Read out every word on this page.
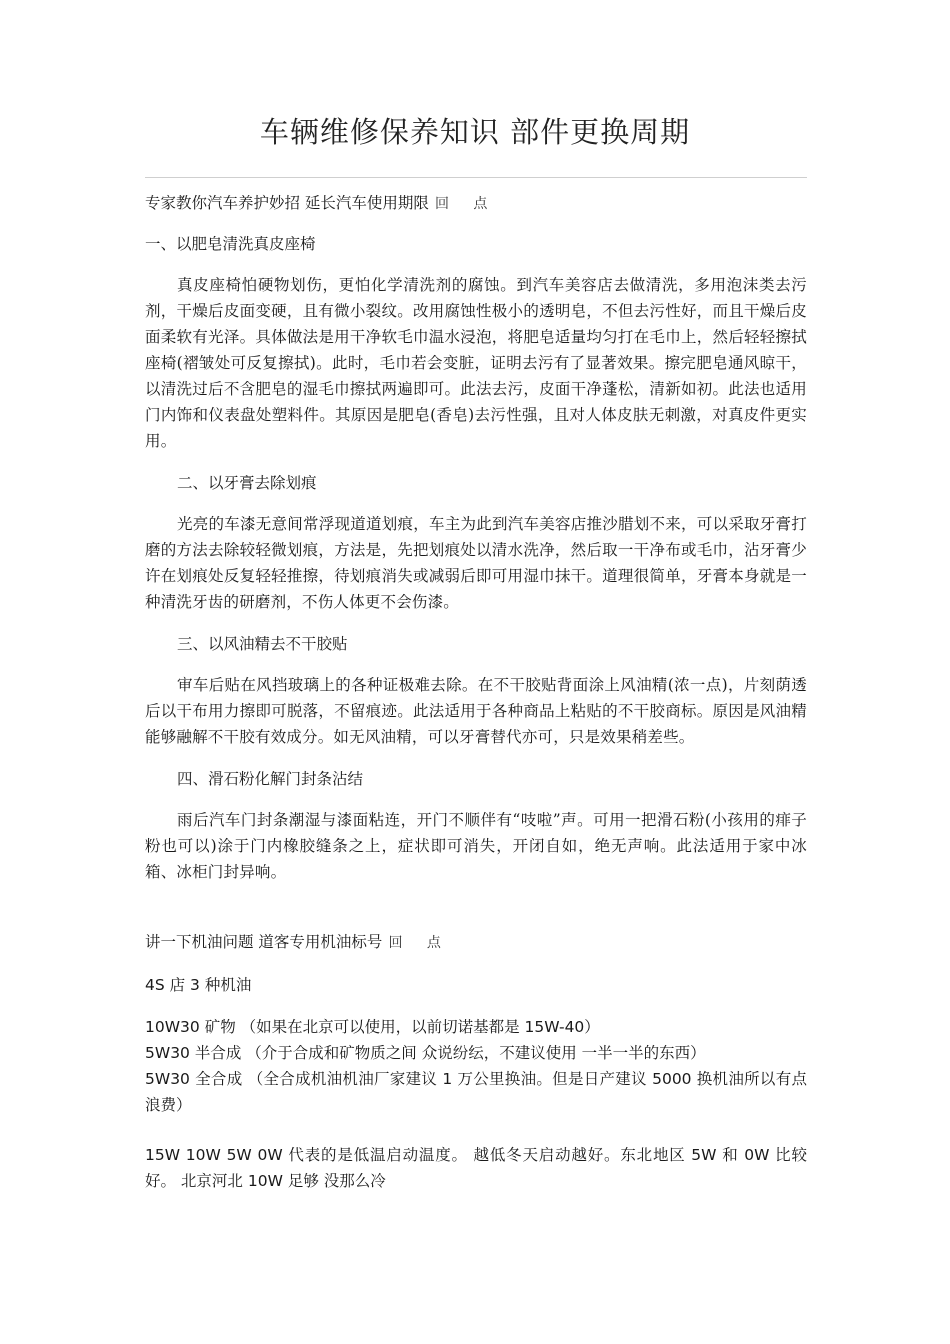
车辆维修保养知识 部件更换周期

专家教你汽车养护妙招 延长汽车使用期限 回 点

一、以肥皂清洗真皮座椅

真皮座椅怕硬物划伤，更怕化学清洗剂的腐蚀。到汽车美容店去做清洗，多用泡沫类去污剂，干燥后皮面变硬，且有微小裂纹。改用腐蚀性极小的透明皂，不但去污性好，而且干燥后皮面柔软有光泽。具体做法是用干净软毛巾温水浸泡，将肥皂适量均匀打在毛巾上，然后轻轻擦拭座椅(褶皱处可反复擦拭)。此时，毛巾若会变脏，证明去污有了显著效果。擦完肥皂通风晾干，以清洗过后不含肥皂的湿毛巾擦拭两遍即可。此法去污，皮面干净蓬松，清新如初。此法也适用门内饰和仪表盘处塑料件。其原因是肥皂(香皂)去污性强，且对人体皮肤无刺激，对真皮件更实用。

二、以牙膏去除划痕

光亮的车漆无意间常浮现道道划痕，车主为此到汽车美容店推沙腊划不来，可以采取牙膏打磨的方法去除较轻微划痕，方法是，先把划痕处以清水洗净，然后取一干净布或毛巾，沾牙膏少许在划痕处反复轻轻推擦，待划痕消失或减弱后即可用湿巾抹干。道理很简单，牙膏本身就是一种清洗牙齿的研磨剂，不伤人体更不会伤漆。

三、以风油精去不干胶贴

审车后贴在风挡玻璃上的各种证极难去除。在不干胶贴背面涂上风油精(浓一点)，片刻荫透后以干布用力擦即可脱落，不留痕迹。此法适用于各种商品上粘贴的不干胶商标。原因是风油精能够融解不干胶有效成分。如无风油精，可以牙膏替代亦可，只是效果稍差些。

四、滑石粉化解门封条沾结

雨后汽车门封条潮湿与漆面粘连，开门不顺伴有“吱啦”声。可用一把滑石粉(小孩用的痱子粉也可以)涂于门内橡胶缝条之上，症状即可消失，开闭自如，绝无声响。此法适用于家中冰箱、冰柜门封异响。

讲一下机油问题 道客专用机油标号 回 点

4S 店 3 种机油

10W30 矿物 （如果在北京可以使用，以前切诺基都是 15W-40）

5W30 半合成 （介于合成和矿物质之间 众说纷纭，不建议使用 一半一半的东西）

5W30 全合成 （全合成机油机油厂家建议 1 万公里换油。但是日产建议 5000 换机油所以有点浪费）

15W 10W 5W 0W 代表的是低温启动温度。 越低冬天启动越好。东北地区 5W 和 0W 比较好。 北京河北 10W 足够 没那么冷
